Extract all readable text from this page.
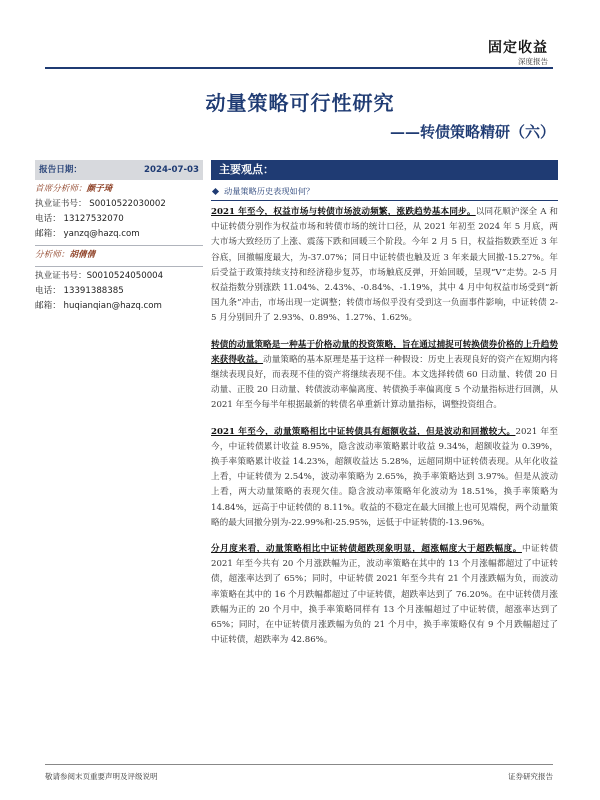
固定收益
深度报告
动量策略可行性研究
——转债策略精研（六）
报告日期：	2024-07-03
首席分析师：颜子琦
执业证书号： S0010522030002
电话： 13127532070
邮箱： yanzq@hazq.com
分析师：胡倩倩
执业证书号：S0010524050004
电话： 13391388385
邮箱： huqianqian@hazq.com
主要观点：
动量策略历史表现如何？

2021 年至今，权益市场与转债市场波动频繁，涨跌趋势基本同步。以同花顺沪深全 A 和中证转债分别作为权益市场和转债市场的统计口径，从 2021 年初至 2024 年 5 月底，两大市场大致经历了上涨、震荡下跌和回暖三个阶段。今年 2 月 5 日，权益指数跌至近 3 年谷底，回撤幅度最大，为-37.07%；同日中证转债也触及近 3 年来最大回撤-15.27%。年后受益于政策持续支持和经济稳步复苏，市场触底反弹，开始回暖，呈现“V”走势。2-5 月权益指数分别涨跌 11.04%、2.43%、-0.84%、-1.19%，其中 4 月中旬权益市场受到“新国九条”冲击，市场出现一定调整；转债市场似乎没有受到这一负面事件影响，中证转债 2-5 月分别回升了 2.93%、0.89%、1.27%、1.62%。

转债的动量策略是一种基于价格动量的投资策略，旨在通过捕捉可转换债券价格的上升趋势来获得收益。动量策略的基本原理是基于这样一种假设：历史上表现良好的资产在短期内将继续表现良好，而表现不佳的资产将继续表现不佳。本文选择转债 60 日动量、转债 20 日动量、正股 20 日动量、转债波动率偏离度、转债换手率偏离度 5 个动量指标进行回测，从 2021 年至今每半年根据最新的转债名单重新计算动量指标，调整投资组合。

2021 年至今，动量策略相比中证转债具有超额收益，但是波动和回撤较大。2021 年至今，中证转债累计收益 8.95%，隐含波动率策略累计收益 9.34%，超额收益为 0.39%，换手率策略累计收益 14.23%，超额收益达 5.28%，远超同期中证转债表现。从年化收益上看，中证转债为 2.54%，波动率策略为 2.65%，换手率策略达到 3.97%。但是从波动上看，两大动量策略的表现欠佳。隐含波动率策略年化波动为 18.51%，换手率策略为 14.84%，远高于中证转债的 8.11%。收益的不稳定在最大回撤上也可见端倪，两个动量策略的最大回撤分别为-22.99%和-25.95%，远低于中证转债的-13.96%。

分月度来看，动量策略相比中证转债超跌现象明显，超涨幅度大于超跌幅度。中证转债 2021 年至今共有 20 个月涨跌幅为正，波动率策略在其中的 13 个月涨幅都超过了中证转债，超涨率达到了 65%；同时，中证转债 2021 年至今共有 21 个月涨跌幅为负，而波动率策略在其中的 16 个月跌幅都超过了中证转债，超跌率达到了 76.20%。在中证转债月涨跌幅为正的 20 个月中，换手率策略同样有 13 个月涨幅超过了中证转债，超涨率达到了 65%；同时，在中证转债月涨跌幅为负的 21 个月中，换手率策略仅有 9 个月跌幅超过了中证转债，超跌率为 42.86%。

敬请参阅末页重要声明及评级说明	证券研究报告
